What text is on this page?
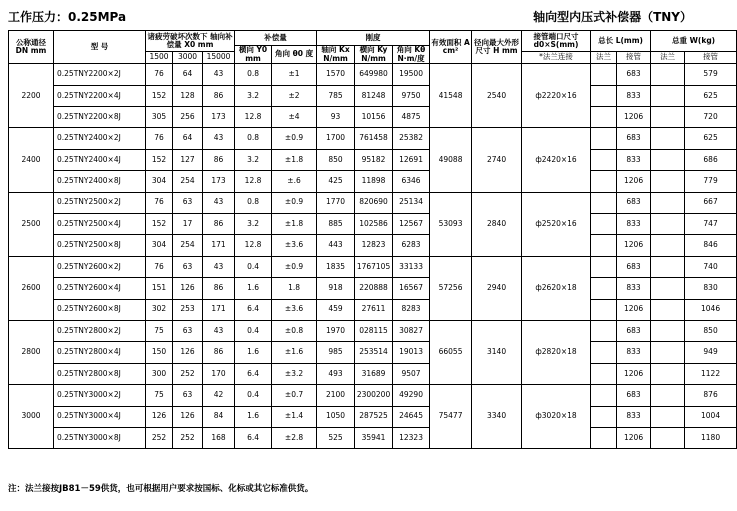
工作压力：0.25MPa	轴向型内压式补偿器（TNY）
公称通径 DN mm	型 号	诸疲劳破坏次数下 轴向补偿量 X0 mm			补偿量		刚度			有效面积 A cm²	径向最大外形尺寸 H mm	接管端口尺寸 d0×S(mm)	总长 L(mm)		总重 W(kg)	
					横向 Y0 mm	角向 θ0 度	轴向 Kx N/mm	横向 Ky N/mm	角向 Kθ N·m/度							
		1500	3000	15000								*法兰连接	法兰	接管	法兰	接管
2200	0.25TNY2200×2J	76	64	43	0.8	±1	1570	649980	19500	41548	2540	ф2220×16		683		579
	0.25TNY2200×4J	152	128	86	3.2	±2	785	81248	9750					833		625
	0.25TNY2200×8J	305	256	173	12.8	±4	93	10156	4875					1206		720
2400	0.25TNY2400×2J	76	64	43	0.8	±0.9	1700	761458	25382	49088	2740	ф2420×16		683		625
	0.25TNY2400×4J	152	127	86	3.2	±1.8	850	95182	12691					833		686
	0.25TNY2400×8J	304	254	173	12.8	±.6	425	11898	6346					1206		779
2500	0.25TNY2500×2J	76	63	43	0.8	±0.9	1770	820690	25134	53093	2840	ф2520×16		683		667
	0.25TNY2500×4J	152	17	86	3.2	±1.8	885	102586	12567					833		747
	0.25TNY2500×8J	304	254	171	12.8	±3.6	443	12823	6283					1206		846
2600	0.25TNY2600×2J	76	63	43	0.4	±0.9	1835	1767105	33133	57256	2940	ф2620×18		683		740
	0.25TNY2600×4J	151	126	86	1.6	1.8	918	220888	16567					833		830
	0.25TNY2600×8J	302	253	171	6.4	±3.6	459	27611	8283					1206		1046
2800	0.25TNY2800×2J	75	63	43	0.4	±0.8	1970	028115	30827	66055	3140	ф2820×18		683		850
	0.25TNY2800×4J	150	126	86	1.6	±1.6	985	253514	19013					833		949
	0.25TNY2800×8J	300	252	170	6.4	±3.2	493	31689	9507					1206		1122
3000	0.25TNY3000×2J	75	63	42	0.4	±0.7	2100	2300200	49290	75477	3340	ф3020×18		683		876
	0.25TNY3000×4J	126	126	84	1.6	±1.4	1050	287525	24645					833		1004
	0.25TNY3000×8J	252	252	168	6.4	±2.8	525	35941	12323					1206		1180
注：法兰接按JB81－59供货，也可根据用户要求按国标、化标或其它标准供货。
